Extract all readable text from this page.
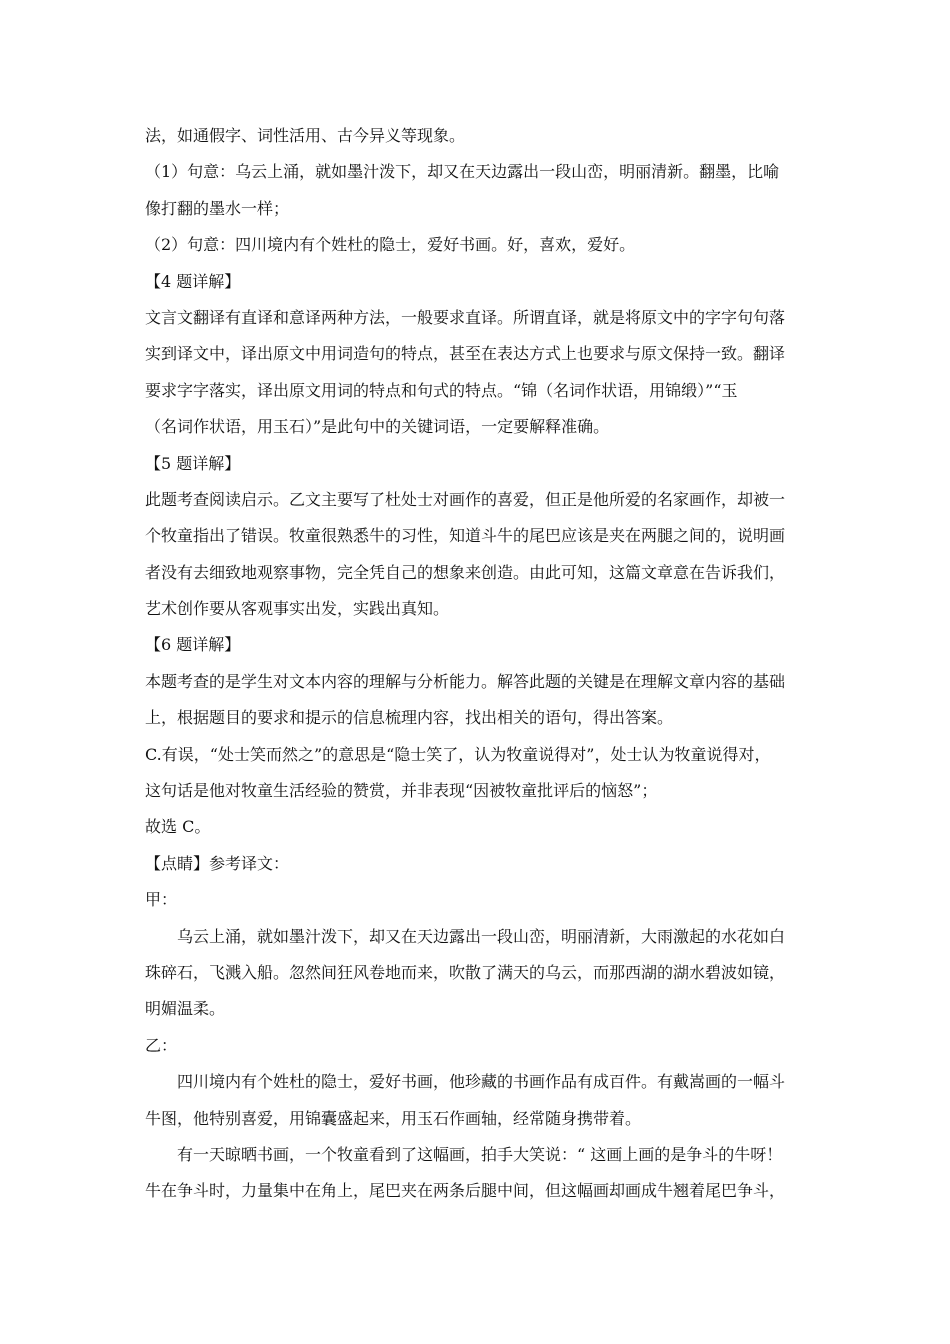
法，如通假字、词性活用、古今异义等现象。
（1）句意：乌云上涌，就如墨汁泼下，却又在天边露出一段山峦，明丽清新。翻墨，比喻
像打翻的墨水一样；
（2）句意：四川境内有个姓杜的隐士，爱好书画。好，喜欢，爱好。
【4 题详解】
文言文翻译有直译和意译两种方法，一般要求直译。所谓直译，就是将原文中的字字句句落
实到译文中，译出原文中用词造句的特点，甚至在表达方式上也要求与原文保持一致。翻译
要求字字落实，译出原文用词的特点和句式的特点。“锦（名词作状语，用锦缎）”“玉
（名词作状语，用玉石）”是此句中的关键词语，一定要解释准确。
【5 题详解】
此题考查阅读启示。乙文主要写了杜处士对画作的喜爱，但正是他所爱的名家画作，却被一
个牧童指出了错误。牧童很熟悉牛的习性，知道斗牛的尾巴应该是夹在两腿之间的，说明画
者没有去细致地观察事物，完全凭自己的想象来创造。由此可知，这篇文章意在告诉我们，
艺术创作要从客观事实出发，实践出真知。
【6 题详解】
本题考查的是学生对文本内容的理解与分析能力。解答此题的关键是在理解文章内容的基础
上，根据题目的要求和提示的信息梳理内容，找出相关的语句，得出答案。
C.有误，“处士笑而然之”的意思是“隐士笑了，认为牧童说得对”，处士认为牧童说得对，
这句话是他对牧童生活经验的赞赏，并非表现“因被牧童批评后的恼怒”；
故选 C。
【点睛】参考译文：
甲：
乌云上涌，就如墨汁泼下，却又在天边露出一段山峦，明丽清新，大雨激起的水花如白
珠碎石，飞溅入船。忽然间狂风卷地而来，吹散了满天的乌云，而那西湖的湖水碧波如镜，
明媚温柔。
乙：
四川境内有个姓杜的隐士，爱好书画，他珍藏的书画作品有成百件。有戴嵩画的一幅斗
牛图，他特别喜爱，用锦囊盛起来，用玉石作画轴，经常随身携带着。
有一天晾晒书画，一个牧童看到了这幅画，拍手大笑说：“ 这画上画的是争斗的牛呀！
牛在争斗时，力量集中在角上，尾巴夹在两条后腿中间，但这幅画却画成牛翘着尾巴争斗，
